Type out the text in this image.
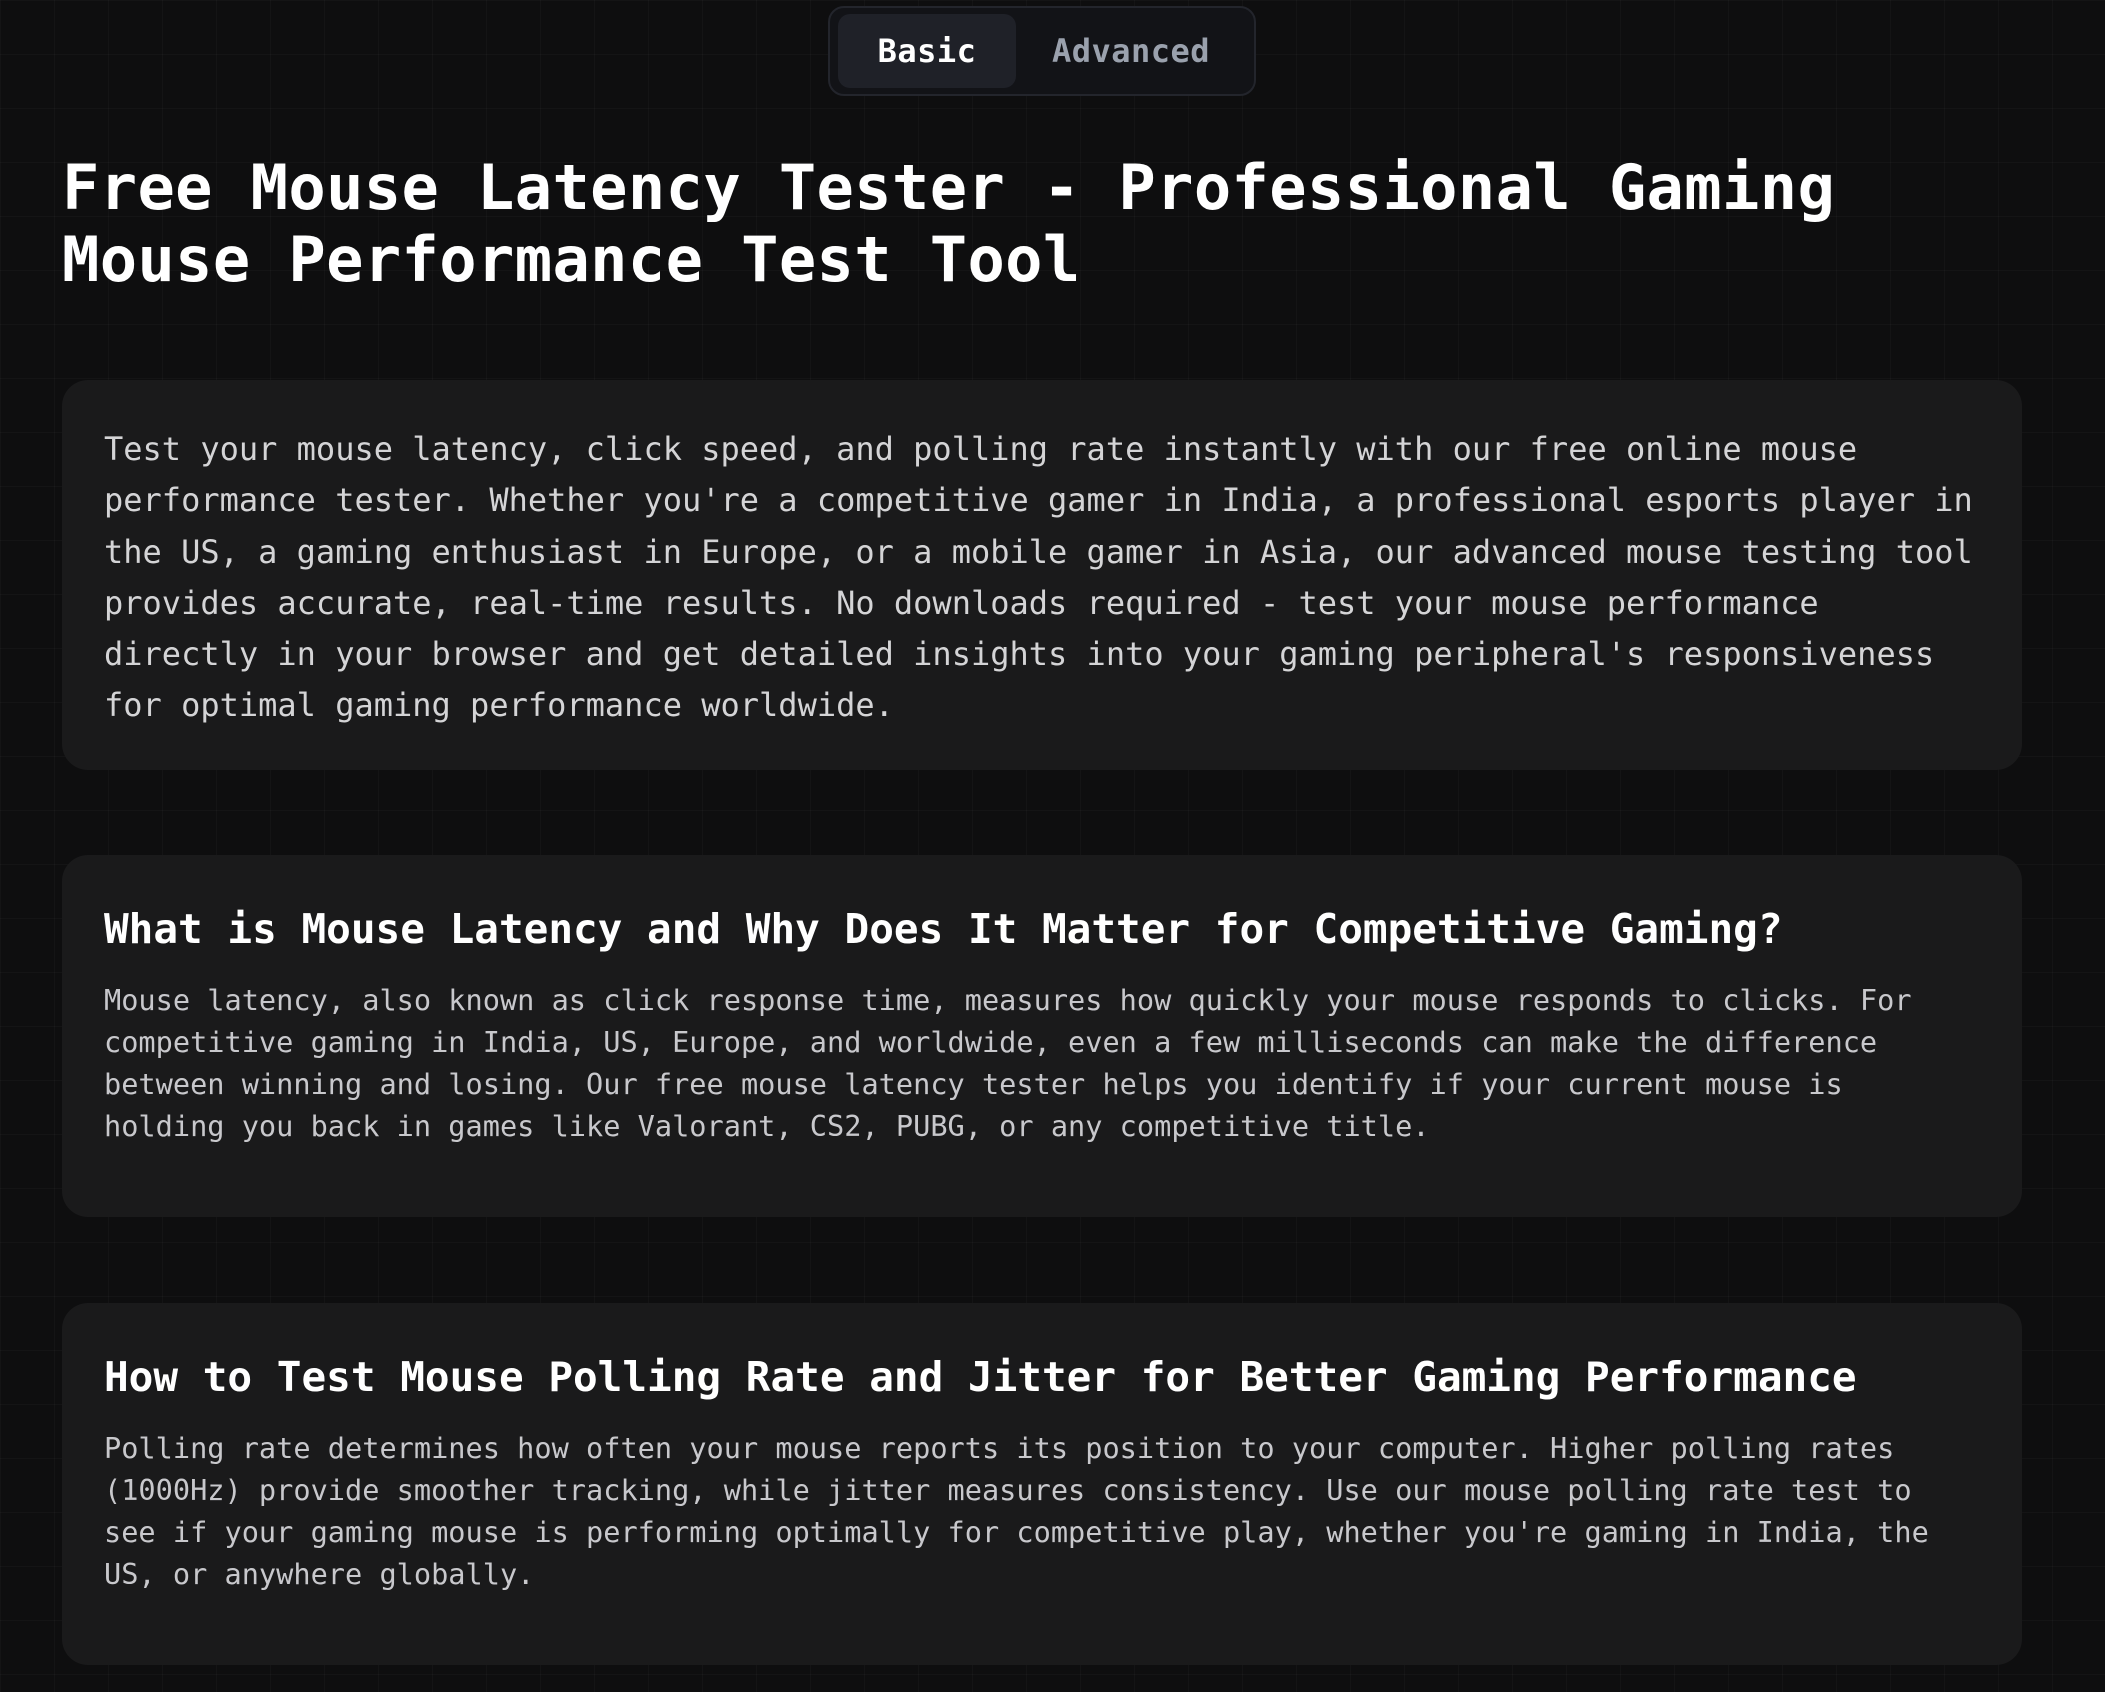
Basic	Advanced
Free Mouse Latency Tester - Professional Gaming Mouse Performance Test Tool

Test your mouse latency, click speed, and polling rate instantly with our free online mouse performance tester. Whether you're a competitive gamer in India, a professional esports player in the US, a gaming enthusiast in Europe, or a mobile gamer in Asia, our advanced mouse testing tool provides accurate, real-time results. No downloads required - test your mouse performance directly in your browser and get detailed insights into your gaming peripheral's responsiveness for optimal gaming performance worldwide.

What is Mouse Latency and Why Does It Matter for Competitive Gaming?

Mouse latency, also known as click response time, measures how quickly your mouse responds to clicks. For competitive gaming in India, US, Europe, and worldwide, even a few milliseconds can make the difference between winning and losing. Our free mouse latency tester helps you identify if your current mouse is holding you back in games like Valorant, CS2, PUBG, or any competitive title.

How to Test Mouse Polling Rate and Jitter for Better Gaming Performance

Polling rate determines how often your mouse reports its position to your computer. Higher polling rates (1000Hz) provide smoother tracking, while jitter measures consistency. Use our mouse polling rate test to see if your gaming mouse is performing optimally for competitive play, whether you're gaming in India, the US, or anywhere globally.
